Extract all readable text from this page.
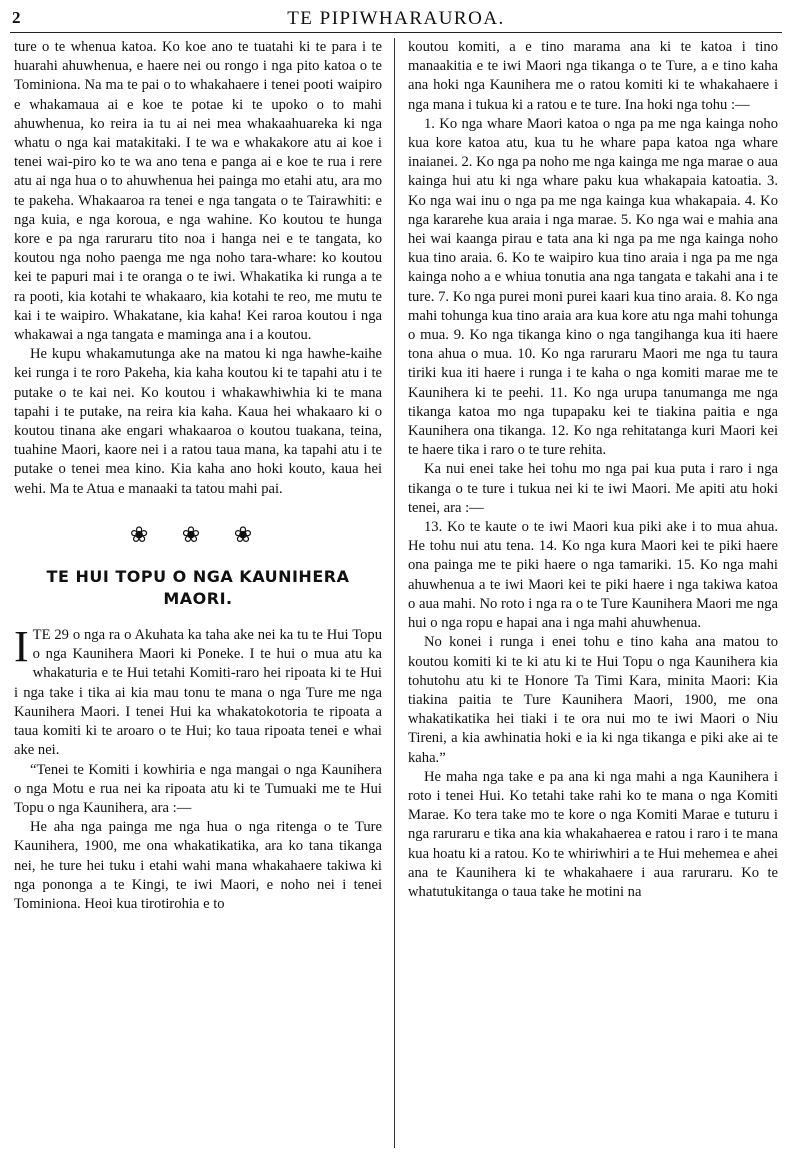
2	TE PIPIWHARAUROA.

ture o te whenua katoa. Ko koe ano te tuatahi ki te para i te huarahi ahuwhenua, e haere nei ou rongo i nga pito katoa o te Tominiona. Na ma te pai o to whakahaere i tenei pooti waipiro e whakamaua ai e koe te potae ki te upoko o to mahi ahuwhenua, ko reira ia tu ai nei mea whakaahuareka ki nga whatu o nga kai matakitaki. I te wa e whakakore atu ai koe i tenei wai-piro ko te wa ano tena e panga ai e koe te rua i rere atu ai nga hua o to ahuwhenua hei painga mo etahi atu, ara mo te pakeha. Whakaaroa ra tenei e nga tangata o te Tairawhiti: e nga kuia, e nga koroua, e nga wahine. Ko koutou te hunga kore e pa nga raruraru tito noa i hanga nei e te tangata, ko koutou nga noho paenga me nga noho tara-whare: ko koutou kei te papuri mai i te oranga o te iwi. Whakatika ki runga a te ra pooti, kia kotahi te whakaaro, kia kotahi te reo, me mutu te kai i te waipiro. Whakatane, kia kaha! Kei raroa koutou i nga whakawai a nga tangata e maminga ana i a koutou.

He kupu whakamutunga ake na matou ki nga hawhe-kaihe kei runga i te roro Pakeha, kia kaha koutou ki te tapahi atu i te putake o te kai nei. Ko koutou i whakawhiwhia ki te mana tapahi i te putake, na reira kia kaha. Kaua hei whakaaro ki o koutou tinana ake engari whakaaroa o koutou tuakana, teina, tuahine Maori, kaore nei i a ratou taua mana, ka tapahi atu i te putake o tenei mea kino. Kia kaha ano hoki kouto, kaua hei wehi. Ma te Atua e manaaki ta tatou mahi pai.

❀ ❀ ❀
TE HUI TOPU O NGA KAUNIHERA MAORI.

ITE 29 o nga ra o Akuhata ka taha ake nei ka tu te Hui Topu o nga Kaunihera Maori ki Poneke. I te hui o mua atu ka whakaturia e te Hui tetahi Komiti-raro hei ripoata ki te Hui i nga take i tika ai kia mau tonu te mana o nga Ture me nga Kaunihera Maori. I tenei Hui ka whakatokotoria te ripoata a taua komiti ki te aroaro o te Hui; ko taua ripoata tenei e whai ake nei.

“Tenei te Komiti i kowhiria e nga mangai o nga Kaunihera o nga Motu e rua nei ka ripoata atu ki te Tumuaki me te Hui Topu o nga Kaunihera, ara :—

He aha nga painga me nga hua o nga ritenga o te Ture Kaunihera, 1900, me ona whakatikatika, ara ko tana tikanga nei, he ture hei tuku i etahi wahi mana whakahaere takiwa ki nga pononga a te Kingi, te iwi Maori, e noho nei i tenei Tominiona. Heoi kua tirotirohia e to

koutou komiti, a e tino marama ana ki te katoa i tino manaakitia e te iwi Maori nga tikanga o te Ture, a e tino kaha ana hoki nga Kaunihera me o ratou komiti ki te whakahaere i nga mana i tukua ki a ratou e te ture. Ina hoki nga tohu :—

1. Ko nga whare Maori katoa o nga pa me nga kainga noho kua kore katoa atu, kua tu he whare papa katoa nga whare inaianei. 2. Ko nga pa noho me nga kainga me nga marae o aua kainga hui atu ki nga whare paku kua whakapaia katoatia. 3. Ko nga wai inu o nga pa me nga kainga kua whakapaia. 4. Ko nga kararehe kua araia i nga marae. 5. Ko nga wai e mahia ana hei wai kaanga pirau e tata ana ki nga pa me nga kainga noho kua tino araia. 6. Ko te waipiro kua tino araia i nga pa me nga kainga noho a e whiua tonutia ana nga tangata e takahi ana i te ture. 7. Ko nga purei moni purei kaari kua tino araia. 8. Ko nga mahi tohunga kua tino araia ara kua kore atu nga mahi tohunga o mua. 9. Ko nga tikanga kino o nga tangihanga kua iti haere tona ahua o mua. 10. Ko nga raruraru Maori me nga tu taura tiriki kua iti haere i runga i te kaha o nga komiti marae me te Kaunihera ki te peehi. 11. Ko nga urupa tanumanga me nga tikanga katoa mo nga tupapaku kei te tiakina paitia e nga Kaunihera ona tikanga. 12. Ko nga rehitatanga kuri Maori kei te haere tika i raro o te ture rehita.

Ka nui enei take hei tohu mo nga pai kua puta i raro i nga tikanga o te ture i tukua nei ki te iwi Maori. Me apiti atu hoki tenei, ara :—

13. Ko te kaute o te iwi Maori kua piki ake i to mua ahua. He tohu nui atu tena. 14. Ko nga kura Maori kei te piki haere ona painga me te piki haere o nga tamariki. 15. Ko nga mahi ahuwhenua a te iwi Maori kei te piki haere i nga takiwa katoa o aua mahi. No roto i nga ra o te Ture Kaunihera Maori me nga hui o nga ropu e hapai ana i nga mahi ahuwhenua.

No konei i runga i enei tohu e tino kaha ana matou to koutou komiti ki te ki atu ki te Hui Topu o nga Kaunihera kia tohutohu atu ki te Honore Ta Timi Kara, minita Maori: Kia tiakina paitia te Ture Kaunihera Maori, 1900, me ona whakatikatika hei tiaki i te ora nui mo te iwi Maori o Niu Tireni, a kia awhinatia hoki e ia ki nga tikanga e piki ake ai te kaha.”

He maha nga take e pa ana ki nga mahi a nga Kaunihera i roto i tenei Hui. Ko tetahi take rahi ko te mana o nga Komiti Marae. Ko tera take mo te kore o nga Komiti Marae e tuturu i nga raruraru e tika ana kia whakahaerea e ratou i raro i te mana kua hoatu ki a ratou. Ko te whiriwhiri a te Hui mehemea e ahei ana te Kaunihera ki te whakahaere i aua raruraru. Ko te whatutukitanga o taua take he motini na
